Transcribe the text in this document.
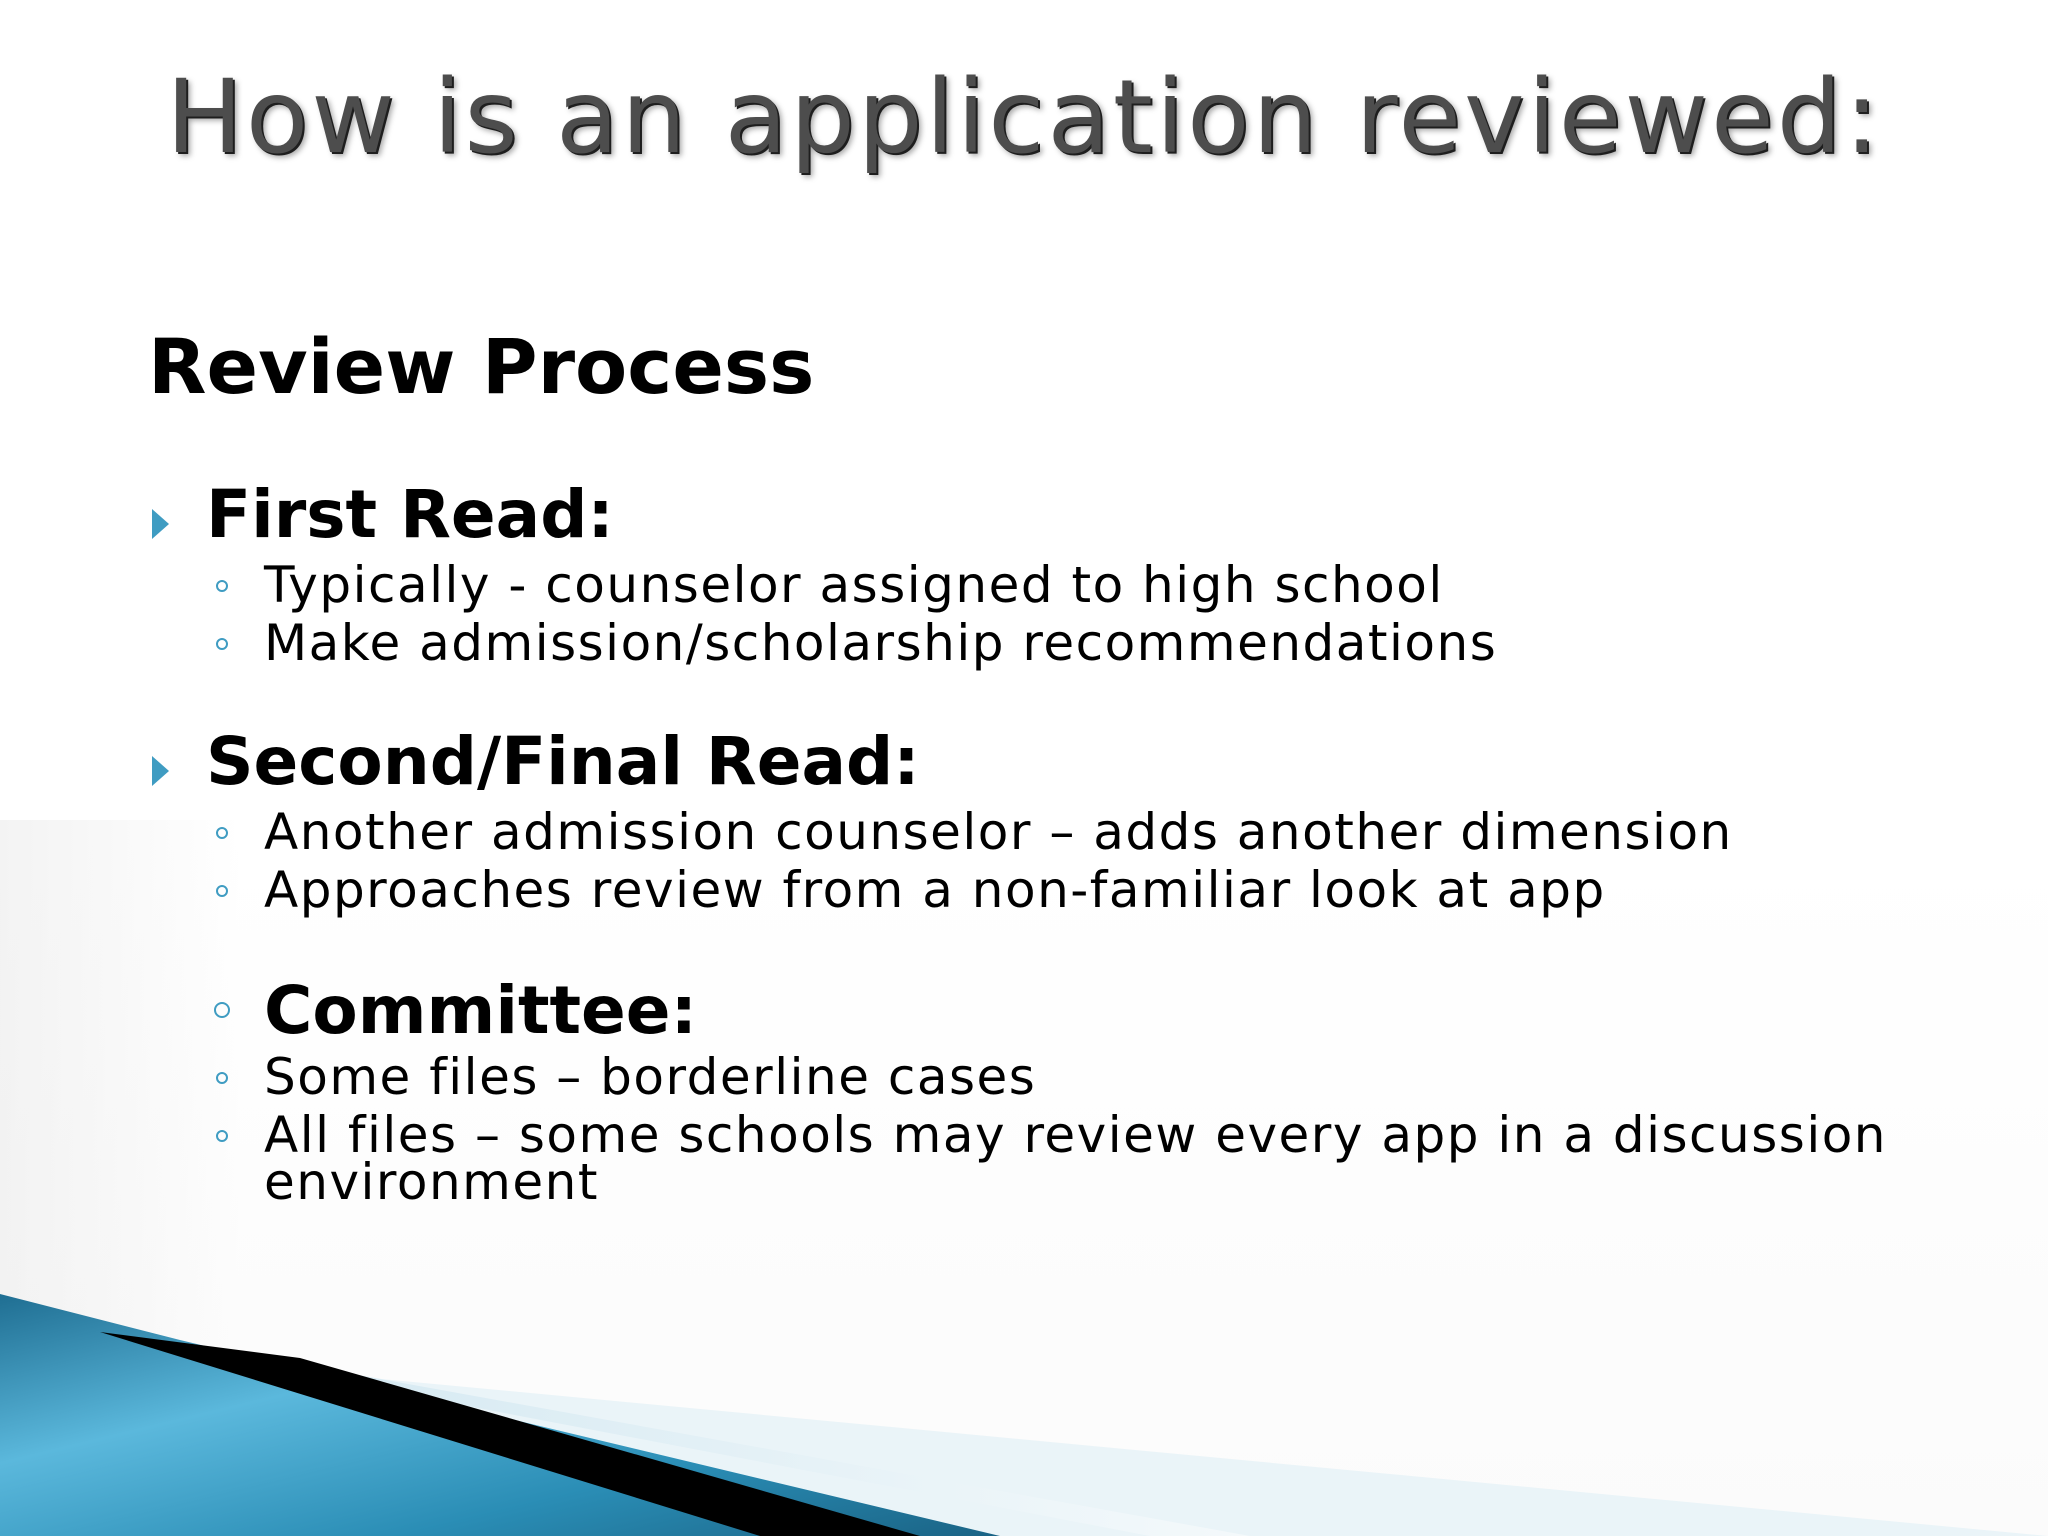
How is an application reviewed:
Review Process
First Read:
Typically - counselor assigned to high school
Make admission/scholarship recommendations
Second/Final Read:
Another admission counselor – adds another dimension
Approaches review from a non-familiar look at app
Committee:
Some files – borderline cases
All files – some schools may review every app in a discussion
environment
